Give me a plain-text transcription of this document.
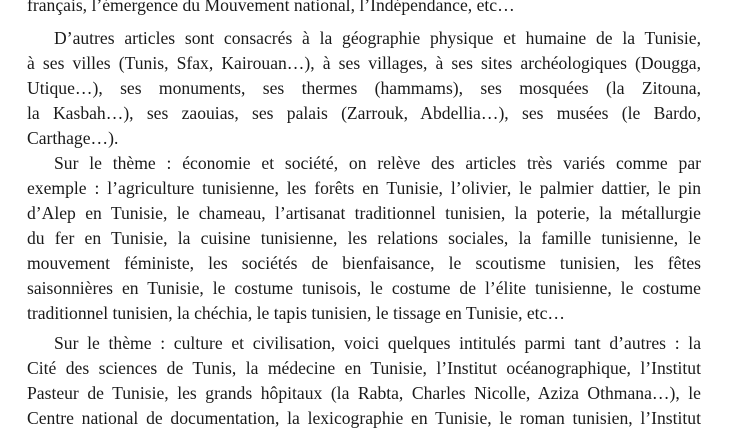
français, l’émergence du Mouvement national, l’Indépendance, etc…
D’autres articles sont consacrés à la géographie physique et humaine de la Tunisie,
à ses villes (Tunis, Sfax, Kairouan…), à ses villages, à ses sites archéologiques (Dougga,
Utique…), ses monuments, ses thermes (hammams), ses mosquées (la Zitouna,
la Kasbah…), ses zaouias, ses palais (Zarrouk, Abdellia…), ses musées (le Bardo,
Carthage…).
Sur le thème : économie et société, on relève des articles très variés comme par
exemple : l’agriculture tunisienne, les forêts en Tunisie, l’olivier, le palmier dattier, le pin
d’Alep en Tunisie, le chameau, l’artisanat traditionnel tunisien, la poterie, la métallurgie
du fer en Tunisie, la cuisine tunisienne, les relations sociales, la famille tunisienne, le
mouvement féministe, les sociétés de bienfaisance, le scoutisme tunisien, les fêtes
saisonnières en Tunisie, le costume tunisois, le costume de l’élite tunisienne, le costume
traditionnel tunisien, la chéchia, le tapis tunisien, le tissage en Tunisie, etc…
Sur le thème : culture et civilisation, voici quelques intitulés parmi tant d’autres : la
Cité des sciences de Tunis, la médecine en Tunisie, l’Institut océanographique, l’Institut
Pasteur de Tunisie, les grands hôpitaux (la Rabta, Charles Nicolle, Aziza Othmana…), le
Centre national de documentation, la lexicographie en Tunisie, le roman tunisien, l’Institut
